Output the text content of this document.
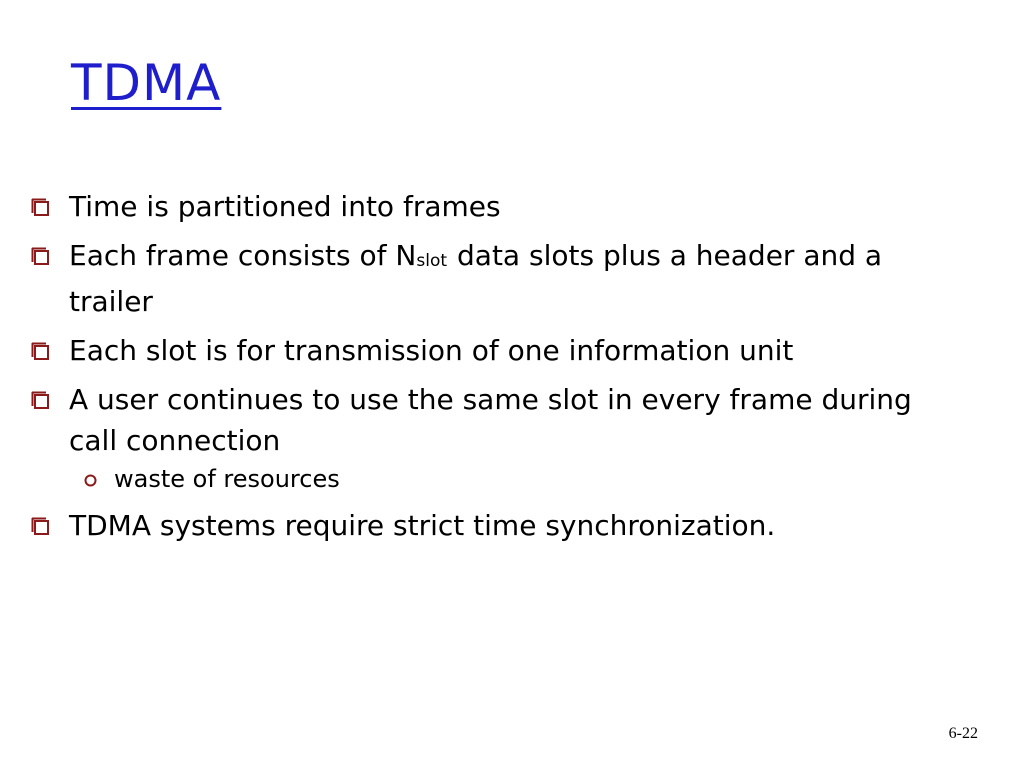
TDMA
Time is partitioned into frames
Each frame consists of $N_{slot}$ data slots plus a header and a trailer
Each slot is for transmission of one information unit
A user continues to use the same slot in every frame during call connection
waste of resources
TDMA systems require strict time synchronization.
6-22
